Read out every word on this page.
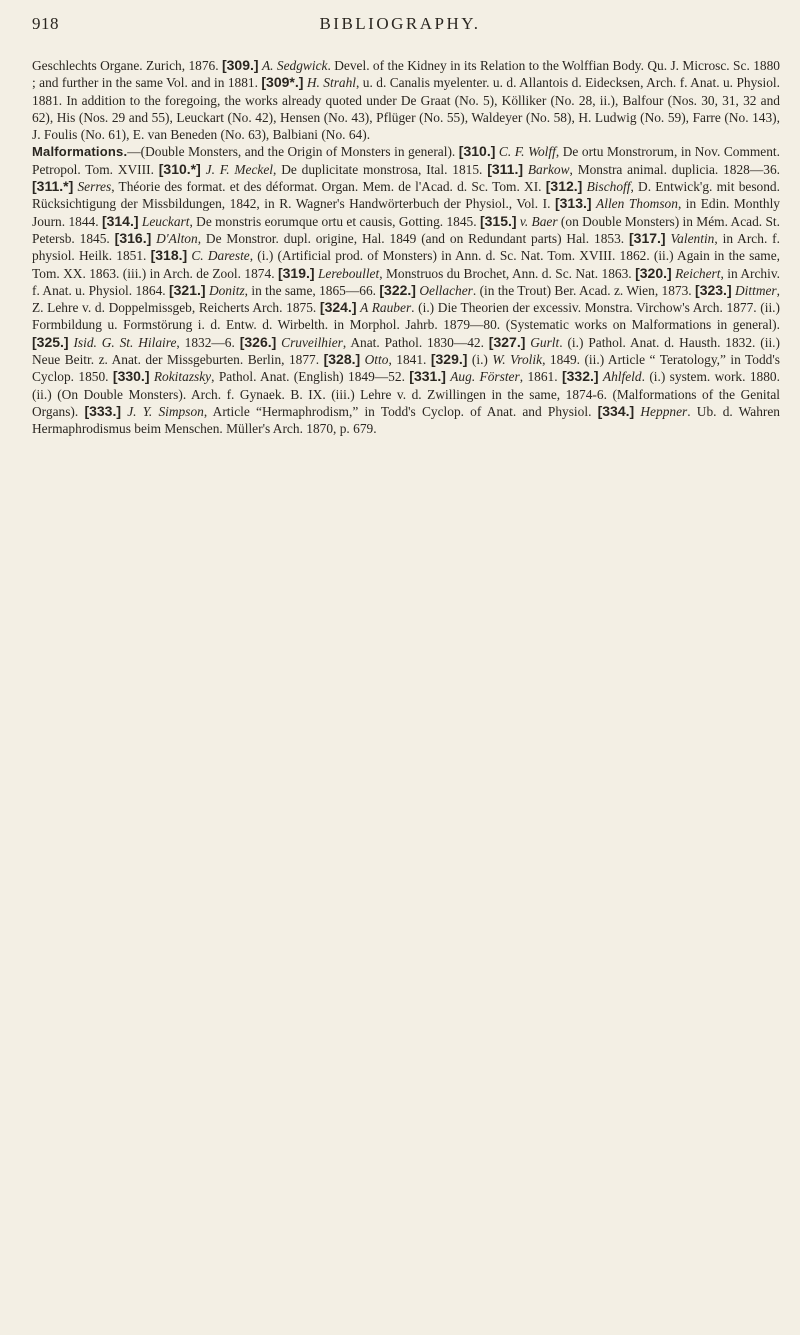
918	BIBLIOGRAPHY.

Geschlechts Organe. Zurich, 1876. [309.] A. Sedgwick. Devel. of the Kidney in its Relation to the Wolffian Body. Qu. J. Microsc. Sc. 1880 ; and further in the same Vol. and in 1881. [309*.] H. Strahl, u. d. Canalis myelenter. u. d. Allantois d. Eidecksen, Arch. f. Anat. u. Physiol. 1881. In addition to the foregoing, the works already quoted under De Graat (No. 5), Kölliker (No. 28, ii.), Balfour (Nos. 30, 31, 32 and 62), His (Nos. 29 and 55), Leuckart (No. 42), Hensen (No. 43), Pflüger (No. 55), Waldeyer (No. 58), H. Ludwig (No. 59), Farre (No. 143), J. Foulis (No. 61), E. van Beneden (No. 63), Balbiani (No. 64).

Malformations.—(Double Monsters, and the Origin of Monsters in general). [310.] C. F. Wolff, De ortu Monstrorum, in Nov. Comment. Petropol. Tom. XVIII. [310.*] J. F. Meckel, De duplicitate monstrosa, Ital. 1815. [311.] Barkow, Monstra animal. duplicia. 1828—36. [311.*] Serres, Théorie des format. et des déformat. Organ. Mem. de l'Acad. d. Sc. Tom. XI. [312.] Bischoff, D. Entwick'g. mit besond. Rücksichtigung der Missbildungen, 1842, in R. Wagner's Handwörterbuch der Physiol., Vol. I. [313.] Allen Thomson, in Edin. Monthly Journ. 1844. [314.] Leuckart, De monstris eorumque ortu et causis, Gotting. 1845. [315.] v. Baer (on Double Monsters) in Mém. Acad. St. Petersb. 1845. [316.] D'Alton, De Monstror. dupl. origine, Hal. 1849 (and on Redundant parts) Hal. 1853. [317.] Valentin, in Arch. f. physiol. Heilk. 1851. [318.] C. Dareste, (i.) (Artificial prod. of Monsters) in Ann. d. Sc. Nat. Tom. XVIII. 1862. (ii.) Again in the same, Tom. XX. 1863. (iii.) in Arch. de Zool. 1874. [319.] Lereboullet, Monstruos du Brochet, Ann. d. Sc. Nat. 1863. [320.] Reichert, in Archiv. f. Anat. u. Physiol. 1864. [321.] Donitz, in the same, 1865—66. [322.] Oellacher. (in the Trout) Ber. Acad. z. Wien, 1873. [323.] Dittmer, Z. Lehre v. d. Doppelmissgeb, Reicherts Arch. 1875. [324.] A Rauber. (i.) Die Theorien der excessiv. Monstra. Virchow's Arch. 1877. (ii.) Formbildung u. Formstörung i. d. Entw. d. Wirbelth. in Morphol. Jahrb. 1879—80. (Systematic works on Malformations in general). [325.] Isid. G. St. Hilaire, 1832—6. [326.] Cruveilhier, Anat. Pathol. 1830—42. [327.] Gurlt. (i.) Pathol. Anat. d. Hausth. 1832. (ii.) Neue Beitr. z. Anat. der Missgeburten. Berlin, 1877. [328.] Otto, 1841. [329.] (i.) W. Vrolik, 1849. (ii.) Article “ Teratology,” in Todd's Cyclop. 1850. [330.] Rokitazsky, Pathol. Anat. (English) 1849—52. [331.] Aug. Förster, 1861. [332.] Ahlfeld. (i.) system. work. 1880. (ii.) (On Double Monsters). Arch. f. Gynaek. B. IX. (iii.) Lehre v. d. Zwillingen in the same, 1874-6. (Malformations of the Genital Organs). [333.] J. Y. Simpson, Article “Hermaphrodism,” in Todd's Cyclop. of Anat. and Physiol. [334.] Heppner. Ub. d. Wahren Hermaphrodismus beim Menschen. Müller's Arch. 1870, p. 679.
